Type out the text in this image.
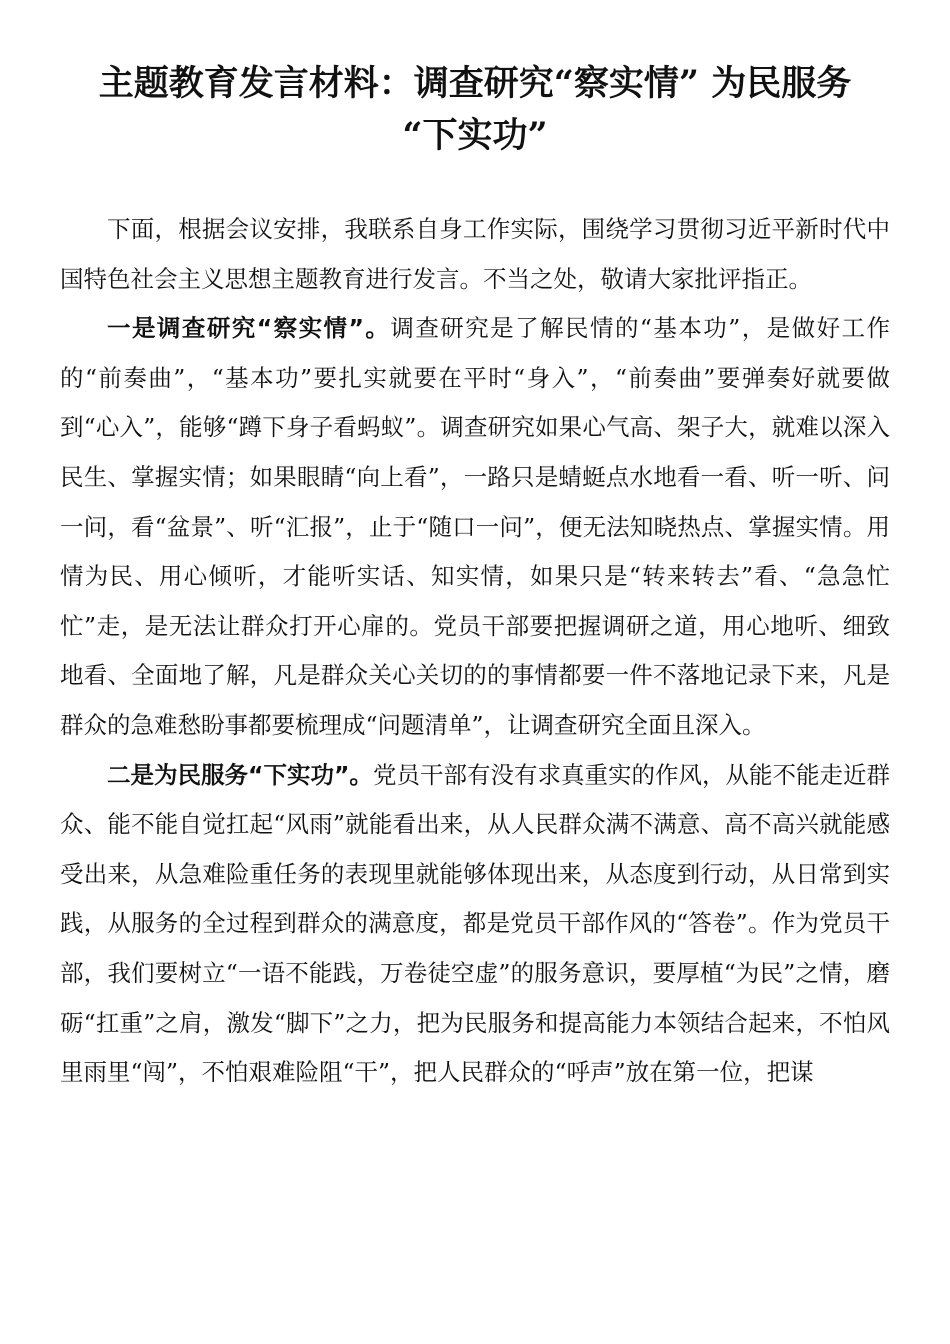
主题教育发言材料：调查研究“察实情” 为民服务
“下实功”

下面，根据会议安排，我联系自身工作实际，围绕学习贯彻习近平新时代中国特色社会主义思想主题教育进行发言。不当之处，敬请大家批评指正。

一是调查研究“察实情”。调查研究是了解民情的“基本功”，是做好工作的“前奏曲”，“基本功”要扎实就要在平时“身入”，“前奏曲”要弹奏好就要做到“心入”，能够“蹲下身子看蚂蚁”。调查研究如果心气高、架子大，就难以深入民生、掌握实情；如果眼睛“向上看”，一路只是蜻蜓点水地看一看、听一听、问一问，看“盆景”、听“汇报”，止于“随口一问”，便无法知晓热点、掌握实情。用情为民、用心倾听，才能听实话、知实情，如果只是“转来转去”看、“急急忙忙”走，是无法让群众打开心扉的。党员干部要把握调研之道，用心地听、细致地看、全面地了解，凡是群众关心关切的的事情都要一件不落地记录下来，凡是群众的急难愁盼事都要梳理成“问题清单”，让调查研究全面且深入。

二是为民服务“下实功”。党员干部有没有求真重实的作风，从能不能走近群众、能不能自觉扛起“风雨”就能看出来，从人民群众满不满意、高不高兴就能感受出来，从急难险重任务的表现里就能够体现出来，从态度到行动，从日常到实践，从服务的全过程到群众的满意度，都是党员干部作风的“答卷”。作为党员干部，我们要树立“一语不能践，万卷徒空虚”的服务意识，要厚植“为民”之情，磨砺“扛重”之肩，激发“脚下”之力，把为民服务和提高能力本领结合起来，不怕风里雨里“闯”，不怕艰难险阻“干”，把人民群众的“呼声”放在第一位，把谋
